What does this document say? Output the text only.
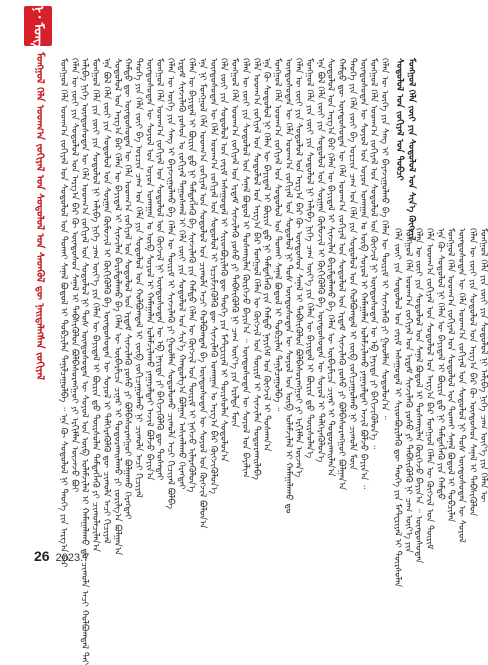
ᠨ᠂ ᠮᠣᠩ
ᠮᠣᠩᠭᠣᠯ ᠬᠡᠯᠡ ᠤᠳᠬ᠎ᠠ ᠵᠣᠬᠢᠶᠠᠯ ᠤᠨ ᠰᠤᠳᠤᠯᠤᠯ ᠤᠨ ᠰᠡᠳᠬᠦᠯ ᠳᠦ ᠨᠡᠢᠲᠡᠯᠡᠭᠰᠡᠨ ᠵᠣᠬᠢᠶᠠᠯ ᠮᠣᠩᠭᠣᠯ ᠬᠡᠯᠡ ᠤᠳᠬ᠎ᠠ ᠵᠣᠬᠢᠶᠠᠯ ᠤᠨ ᠰᠤᠳᠤᠯᠤᠯ ᠤᠨ ᠲᠤᠬᠠᠢ ᠰᠠᠨᠠᠯ ᠪᠣᠳᠤᠯ ᠢ ᠲᠣᠪᠴᠢᠯᠠᠨ ᠲᠠᠨᠢᠯᠴᠠᠭᠤᠯᠪᠠ ᠃ ᠡᠨᠡ ᠬᠦ ᠰᠤᠳᠤᠯᠤᠯ ᠨᠢ ᠲᠡᠦᠬᠡ ᠶᠢᠨ ᠠᠷᠭ᠎ᠠ ᠪᠠᠷ ᠬᠡᠯᠡᠨ ᠦ ᠵᠦᠢ ᠶᠢᠨ ᠰᠤᠳᠤᠯᠤᠯ ᠤᠨ ᠠᠷᠭ᠎ᠠ ᠪᠠᠷ ᠬᠦ ᠦᠨᠳᠦᠰᠦᠨ ᠰᠠᠨᠠᠯ ᠢ ᠳᠡᠪᠰᠢᠭᠦᠯᠦᠨ ᠪᠣᠯᠪᠠᠰᠤᠷᠠᠩᠭᠤᠢ ᠶᠢ ᠡᠷᠬᠢᠮᠯᠡᠨ ᠦᠵᠡᠵᠦ ᠪᠣᠢ ᠠᠯᠢᠪᠠ ᠨᠢᠭᠡ ᠦᠨᠳᠦᠰᠦᠲᠡᠨ ᠦ ᠬᠡᠯᠡ ᠤᠳᠬ᠎ᠠ ᠵᠣᠬᠢᠶᠠᠯ ᠤᠨ ᠰᠤᠳᠤᠯᠤᠯ ᠨᠢ ᠲᠤᠰ ᠦᠨᠳᠦᠰᠦᠲᠡᠨ ᠦ ᠰᠣᠶᠣᠯ ᠤᠨ ᠥᠪ ᠤᠯᠠᠮᠵᠢᠯᠠᠯ ᠢ ᠬᠠᠮᠠᠭᠠᠯᠠᠬᠤ ᠳᠤ ᠴᠢᠬᠤᠯᠠ ᠠᠴᠢ ᠬᠣᠯᠪᠣᠭᠳᠠᠯ ᠲᠠᠢ ᠮᠣᠩᠭᠣᠯ ᠬᠡᠯᠡ ᠶᠢᠨ ᠵᠦᠢ ᠶᠢᠨ ᠰᠤᠳᠤᠯᠤᠯ ᠨᠢ ᠠᠯᠢᠪᠠ ᠨᠢᠭᠡ ᠴᠠᠭ ᠦᠶ᠎ᠡ ᠶᠢᠨ ᠬᠡᠯᠡᠨ ᠦ ᠪᠠᠶᠢᠳᠠᠯ ᠢ ᠪᠦᠷᠢᠨ ᠳ᠋ᠦ ᠳᠦᠷᠰᠦᠯᠡᠨ ᠲᠡᠮᠳᠡᠭᠯᠡᠬᠦ ᠶᠢ ᠴᠢᠬᠤᠯᠠᠴᠢᠯᠠᠨ᠎ᠠ ᠡᠨᠡ ᠪᠣᠯ ᠬᠡᠯᠡ ᠵᠦᠢ ᠶᠢᠨ ᠰᠤᠳᠤᠯᠤᠯ ᠤᠨ ᠰᠤᠷᠭᠠᠨ ᠬᠥᠮᠦᠵᠢᠯ ᠢ ᠬᠥᠬᠢᠭᠦᠯᠬᠦ ᠪᠠ ᠦᠨᠳᠦᠰᠦᠲᠡᠨ ᠦ ᠰᠣᠶᠣᠯ ᠢ ᠳᠡᠯᠭᠡᠷᠡᠭᠦᠯᠬᠦ ᠳᠦ ᠴᠢᠬᠤᠯᠠ ᠠᠴᠢ ᠬᠢᠴᠢᠶᠡᠯ ᠰᠤᠳᠤᠯᠤᠯ ᠤᠨ ᠠᠷᠭ᠎ᠠ ᠪᠠᠷ ᠬᠡᠯᠡᠨ ᠦ ᠪᠠᠶᠢᠳᠠᠯ ᠢ ᠰᠢᠨᠵᠢᠯᠡᠨ ᠪᠠᠷᠢᠮᠲᠠᠯᠠᠬᠤ ᠪᠠ ᠬᠡᠯᠡᠨ ᠦ ᠥᠪᠡᠷᠮᠢᠴᠡ ᠴᠢᠨᠠᠷ ᠢ ᠲᠣᠳᠣᠷᠬᠠᠢᠯᠠᠬᠤ ᠶᠢ ᠵᠣᠷᠢᠯᠭ᠎ᠠ ᠪᠣᠯᠭᠠᠨ᠎ᠠ ᠬᠠᠮᠲᠤ ᠳᠦ ᠦᠨᠳᠦᠰᠦᠲᠡᠨ ᠦ ᠬᠡᠯᠡ ᠤᠳᠬ᠎ᠠ ᠵᠣᠬᠢᠶᠠᠯ ᠤᠨ ᠰᠤᠳᠤᠯᠤᠯ ᠤᠨ ᠡᠷᠳᠡᠮ ᠰᠢᠨᠵᠢᠯᠡᠬᠦ ᠶᠤᠰᠤ ᠶᠢ ᠪᠣᠯᠪᠠᠰᠤᠷᠠᠩᠭᠤᠢ ᠪᠣᠯᠭᠠᠬᠤ ᠬᠡᠷᠡᠭᠲᠡᠢ ᠲᠡᠦᠬᠡ ᠶᠢᠨ ᠬᠡᠯᠡ ᠵᠦᠢ ᠪᠠ ᠣᠷᠴᠢᠨ ᠴᠠᠭ ᠤᠨ ᠬᠡᠯᠡ ᠶᠢᠨ ᠰᠤᠳᠤᠯᠤᠯ ᠤᠨ ᠬᠣᠯᠪᠣᠭᠳᠠᠯ ᠢ ᠵᠥᠪ ᠵᠣᠬᠢᠴᠠᠭᠤᠯᠬᠤ ᠨᠢ ᠴᠢᠬᠤᠯᠠ ᠠᠴᠢ ᠬᠢᠴᠢᠶᠡᠯ ᠦᠨᠳᠦᠰᠦᠲᠡᠨ ᠦ ᠰᠣᠶᠣᠯ ᠤᠨ ᠣᠶᠤᠨ ᠤᠬᠠᠭᠠᠨ ᠤ ᠥᠪ ᠰᠣᠶᠣᠯ ᠢ ᠬᠠᠮᠠᠭᠠᠯᠠᠨ ᠤᠯᠠᠮᠵᠢᠯᠠᠬᠤ ᠶᠠᠭᠠᠷᠠᠯᠲᠠᠢ ᠠᠵᠢᠯ ᠪᠣᠯᠵᠤ ᠪᠠᠶᠢᠨ᠎ᠠ ᠮᠣᠩᠭᠣᠯ ᠬᠡᠯᠡ ᠤᠳᠬ᠎ᠠ ᠵᠣᠬᠢᠶᠠᠯ ᠤᠨ ᠰᠤᠳᠤᠯᠤᠯ ᠤᠨ ᠬᠥᠭᠵᠢᠯ ᠨᠢ ᠦᠨᠳᠦᠰᠦᠲᠡᠨ ᠦ ᠡᠪ ᠨᠡᠶᠢᠲᠡ ᠶᠢ ᠪᠡᠬᠢᠵᠢᠭᠦᠯᠬᠦ ᠳᠦ ᠲᠤᠰᠠᠲᠠᠢ ᠬᠡᠯᠡᠨ ᠦ ᠦᠭᠡ ᠶᠢᠨ ᠰᠠᠩ ᠢ ᠪᠠᠶᠠᠵᠢᠭᠤᠯᠬᠤ ᠪᠠ ᠬᠡᠯᠡᠨ ᠦ ᠳᠦᠷᠢᠮ ᠢ ᠰᠢᠨᠵᠢᠯᠡᠬᠦ ᠶᠢ ᠭᠣᠣᠯᠯᠠᠨ ᠰᠤᠳᠤᠯᠤᠬᠤ ᠴᠢᠬᠤᠯᠠ ᠠᠴᠢ ᠬᠢᠴᠢᠶᠡᠯ ᠪᠣᠯᠪᠠ ᠡᠷᠳᠡᠮ ᠰᠢᠨᠵᠢᠯᠡᠬᠦ ᠶᠤᠰᠤᠨ ᠤ ᠵᠣᠬᠢᠶᠠᠯ ᠳᠠᠭᠤᠰᠬᠠᠯ ᠢ ᠬᠡᠯᠡ ᠵᠦᠢ ᠶᠢᠨ ᠰᠤᠳᠤᠯᠤᠯ ᠤᠨ ᠰᠢᠨ᠎ᠡ ᠬᠠᠨᠳᠤᠯᠭ᠎ᠠ ᠪᠣᠯᠭᠠᠨ ᠠᠰᠢᠭᠯᠠᠬᠤ ᠬᠡᠷᠡᠭᠲᠡᠢ ᠬᠡᠯᠡᠨ ᠦ ᠪᠠᠶᠢᠳᠠᠯ ᠢ ᠪᠦᠷᠢᠨ ᠳ᠋ᠦ ᠨᠢ ᠲᠡᠮᠳᠡᠭᠯᠡᠬᠦ ᠪᠠ ᠰᠢᠨᠵᠢᠯᠡᠬᠦ ᠶᠢᠨ ᠬᠠᠮᠲᠤ ᠬᠡᠯᠡᠨ ᠦ ᠬᠥᠭᠵᠢᠯ ᠤᠨ ᠳᠦᠷᠢᠮ ᠢ ᠨᠡᠬᠡᠵᠦ ᠢᠯᠡᠷᠡᠭᠦᠯᠦᠨ᠎ᠡ ᠡᠨᠡ ᠨᠢ ᠮᠣᠩᠭᠣᠯ ᠬᠡᠯᠡ ᠤᠳᠬ᠎ᠠ ᠵᠣᠬᠢᠶᠠᠯ ᠤᠨ ᠰᠤᠳᠤᠯᠤᠯ ᠤᠨ ᠴᠢᠬᠤᠯᠠ ᠠᠴᠢ ᠬᠣᠯᠪᠣᠭᠳᠠᠯ ᠪᠠ ᠦᠨᠳᠦᠰᠦᠲᠡᠨ ᠦ ᠰᠣᠶᠣᠯ ᠤᠨ ᠬᠥᠭᠵᠢᠯ ᠪᠣᠯᠤᠨ᠎ᠠ ᠦᠨᠳᠦᠰᠦᠲᠡᠨ ᠦ ᠬᠡᠯᠡ ᠤᠳᠬ᠎ᠠ ᠵᠣᠬᠢᠶᠠᠯ ᠤᠨ ᠰᠤᠳᠤᠯᠤᠯ ᠢ ᠡᠷᠴᠢᠮᠵᠢᠭᠦᠯᠬᠦ ᠳᠦ ᠰᠢᠨᠵᠢᠯᠡᠬᠦ ᠤᠬᠠᠭᠠᠨ ᠤ ᠠᠷᠭ᠎ᠠ ᠪᠠᠷ ᠬᠥᠭᠵᠢᠭᠦᠯᠦᠨ᠎ᠡ ᠬᠡᠯᠡ ᠵᠦᠢ ᠶᠢᠨ ᠰᠤᠳᠤᠯᠤᠯ ᠤᠨ ᠵᠠᠷᠢᠮ ᠠᠰᠠᠭᠤᠳᠠᠯ ᠢ ᠰᠢᠢᠳᠪᠦᠷᠢᠯᠡᠬᠦ ᠳᠦ ᠲᠡᠦᠬᠡ ᠶᠢᠨ ᠮᠠᠲ᠋ᠧᠷᠢᠶᠠᠯ ᠢ ᠳᠦᠷᠰᠦᠯᠡᠨ ᠰᠤᠳᠤᠯᠤᠨ᠎ᠠ ᠮᠣᠩᠭᠣᠯ ᠬᠡᠯᠡ ᠤᠳᠬ᠎ᠠ ᠵᠣᠬᠢᠶᠠᠯ ᠤᠨ ᠡᠷᠳᠡᠮ ᠰᠢᠨᠵᠢᠯᠡᠬᠦ ᠶᠤᠰᠤ ᠶᠢ ᠳᠡᠪᠰᠢᠭᠦᠯᠬᠦ ᠨᠢ ᠴᠠᠭ ᠦᠶ᠎ᠡ ᠶᠢᠨ ᠡᠷᠢᠯᠲᠡ ᠮᠥᠨ ᠬᠡᠯᠡᠨ ᠦ ᠵᠦᠢ ᠶᠢᠨ ᠰᠤᠳᠤᠯᠤᠯ ᠤᠨ ᠰᠠᠨᠠᠯ ᠪᠣᠳᠤᠯ ᠢ ᠲᠤᠰᠬᠠᠢᠯᠠᠨ ᠬᠦᠷᠭᠡᠵᠦ ᠪᠠᠶᠢᠨ᠎ᠠ ᠃ ᠦᠨᠳᠦᠰᠦᠲᠡᠨ ᠦ ᠰᠣᠶᠣᠯ ᠤᠨ ᠪᠠᠶᠠᠯᠢᠭ ᠬᠡᠯᠡ ᠤᠳᠬ᠎ᠠ ᠵᠣᠬᠢᠶᠠᠯ ᠤᠨ ᠰᠤᠳᠤᠯᠤᠯ ᠤᠨ ᠠᠷᠭ᠎ᠠ ᠪᠠᠷ ᠮᠣᠩᠭᠣᠯ ᠬᠡᠯᠡᠨ ᠦ ᠬᠥᠭᠵᠢᠯ ᠤᠨ ᠳᠦᠷᠢᠮ ᠢ ᠰᠢᠨᠵᠢᠯᠡᠨ ᠲᠣᠳᠣᠷᠬᠠᠢᠯᠠᠪᠠ ᠡᠨᠡ ᠬᠦ ᠰᠤᠳᠤᠯᠤᠯ ᠨᠢ ᠬᠡᠯᠡᠨ ᠦ ᠪᠠᠶᠢᠳᠠᠯ ᠢ ᠪᠦᠷᠢᠨ ᠳ᠋ᠦ ᠨᠢ ᠲᠡᠮᠳᠡᠭᠯᠡᠬᠦ ᠶᠢᠨ ᠬᠠᠮᠲᠤ ᠨᠡᠶᠢᠭᠡᠮ ᠤᠨ ᠬᠥᠭᠵᠢᠯ ᠢ ᠲᠤᠰᠬᠠᠨ᠎ᠠ ᠮᠣᠩᠭᠣᠯ ᠬᠡᠯᠡ ᠤᠳᠬ᠎ᠠ ᠵᠣᠬᠢᠶᠠᠯ ᠤᠨ ᠰᠤᠳᠤᠯᠤᠯ ᠤᠨ ᠲᠤᠬᠠᠢ ᠰᠠᠨᠠᠯ ᠪᠣᠳᠤᠯ ᠢ ᠲᠣᠪᠴᠢᠯᠠᠨ ᠲᠠᠨᠢᠯᠴᠠᠭᠤᠯᠪᠠ ᠃ ᠦᠨᠳᠦᠰᠦᠲᠡᠨ ᠦ ᠬᠡᠯᠡ ᠤᠳᠬ᠎ᠠ ᠵᠣᠬᠢᠶᠠᠯ ᠤᠨ ᠰᠤᠳᠤᠯᠤᠯ ᠨᠢ ᠲᠤᠰ ᠦᠨᠳᠦᠰᠦᠲᠡᠨ ᠦ ᠰᠣᠶᠣᠯ ᠤᠨ ᠥᠪ ᠤᠯᠠᠮᠵᠢᠯᠠᠯ ᠢ ᠬᠠᠮᠠᠭᠠᠯᠠᠬᠤ ᠳᠤ ᠬᠡᠯᠡᠨ ᠦ ᠵᠦᠢ ᠶᠢᠨ ᠰᠤᠳᠤᠯᠤᠯ ᠤᠨ ᠠᠷᠭ᠎ᠠ ᠪᠠᠷ ᠬᠦ ᠦᠨᠳᠦᠰᠦᠨ ᠰᠠᠨᠠᠯ ᠢ ᠳᠡᠪᠰᠢᠭᠦᠯᠦᠨ ᠪᠣᠯᠪᠠᠰᠤᠷᠠᠩᠭᠤᠢ ᠶᠢ ᠡᠷᠬᠢᠮᠯᠡᠨ ᠦᠵᠡᠨ᠎ᠡ ᠮᠣᠩᠭᠣᠯ ᠬᠡᠯᠡ ᠶᠢᠨ ᠵᠦᠢ ᠶᠢᠨ ᠰᠤᠳᠤᠯᠤᠯ ᠨᠢ ᠠᠯᠢᠪᠠ ᠨᠢᠭᠡ ᠴᠠᠭ ᠦᠶ᠎ᠡ ᠶᠢᠨ ᠬᠡᠯᠡᠨ ᠦ ᠪᠠᠶᠢᠳᠠᠯ ᠢ ᠪᠦᠷᠢᠨ ᠳ᠋ᠦ ᠳᠦᠷᠰᠦᠯᠡᠨ᠎ᠡ ᠡᠨᠡ ᠪᠣᠯ ᠬᠡᠯᠡ ᠵᠦᠢ ᠶᠢᠨ ᠰᠤᠳᠤᠯᠤᠯ ᠤᠨ ᠰᠤᠷᠭᠠᠨ ᠬᠥᠮᠦᠵᠢᠯ ᠢ ᠬᠥᠬᠢᠭᠦᠯᠬᠦ ᠪᠠ ᠦᠨᠳᠦᠰᠦᠲᠡᠨ ᠦ ᠰᠣᠶᠣᠯ ᠢ ᠳᠡᠯᠭᠡᠷᠡᠭᠦᠯᠦᠨ᠎ᠡ ᠰᠤᠳᠤᠯᠤᠯ ᠤᠨ ᠠᠷᠭ᠎ᠠ ᠪᠠᠷ ᠬᠡᠯᠡᠨ ᠦ ᠪᠠᠶᠢᠳᠠᠯ ᠢ ᠰᠢᠨᠵᠢᠯᠡᠨ ᠪᠠᠷᠢᠮᠲᠠᠯᠠᠬᠤ ᠪᠠ ᠬᠡᠯᠡᠨ ᠦ ᠥᠪᠡᠷᠮᠢᠴᠡ ᠴᠢᠨᠠᠷ ᠢ ᠲᠣᠳᠣᠷᠬᠠᠢᠯᠠᠨ᠎ᠠ ᠬᠠᠮᠲᠤ ᠳᠦ ᠦᠨᠳᠦᠰᠦᠲᠡᠨ ᠦ ᠬᠡᠯᠡ ᠤᠳᠬ᠎ᠠ ᠵᠣᠬᠢᠶᠠᠯ ᠤᠨ ᠰᠤᠳᠤᠯᠤᠯ ᠤᠨ ᠡᠷᠳᠡᠮ ᠰᠢᠨᠵᠢᠯᠡᠬᠦ ᠶᠤᠰᠤ ᠶᠢ ᠪᠣᠯᠪᠠᠰᠤᠷᠠᠩᠭᠤᠢ ᠪᠣᠯᠭᠠᠨ᠎ᠠ ᠲᠡᠦᠬᠡ ᠶᠢᠨ ᠬᠡᠯᠡ ᠵᠦᠢ ᠪᠠ ᠣᠷᠴᠢᠨ ᠴᠠᠭ ᠤᠨ ᠬᠡᠯᠡ ᠶᠢᠨ ᠰᠤᠳᠤᠯᠤᠯ ᠤᠨ ᠬᠣᠯᠪᠣᠭᠳᠠᠯ ᠢ ᠵᠥᠪ ᠵᠣᠬᠢᠴᠠᠭᠤᠯᠬᠤ ᠨᠢ ᠴᠢᠬᠤᠯᠠ ᠮᠥᠨ ᠦᠨᠳᠦᠰᠦᠲᠡᠨ ᠦ ᠰᠣᠶᠣᠯ ᠤᠨ ᠣᠶᠤᠨ ᠤᠬᠠᠭᠠᠨ ᠤ ᠥᠪ ᠰᠣᠶᠣᠯ ᠢ ᠬᠠᠮᠠᠭᠠᠯᠠᠨ ᠤᠯᠠᠮᠵᠢᠯᠠᠬᠤ ᠶᠠᠭᠠᠷᠠᠯᠲᠠᠢ ᠠᠵᠢᠯ ᠪᠣᠯᠵᠤ ᠪᠠᠶᠢᠨ᠎ᠠ ᠃ ᠮᠣᠩᠭᠣᠯ ᠬᠡᠯᠡ ᠤᠳᠬ᠎ᠠ ᠵᠣᠬᠢᠶᠠᠯ ᠤᠨ ᠰᠤᠳᠤᠯᠤᠯ ᠤᠨ ᠬᠥᠭᠵᠢᠯ ᠨᠢ ᠦᠨᠳᠦᠰᠦᠲᠡᠨ ᠦ ᠡᠪ ᠨᠡᠶᠢᠲᠡ ᠶᠢ ᠪᠡᠬᠢᠵᠢᠭᠦᠯᠦᠨ᠎ᠡ ᠃ ᠬᠡᠯᠡᠨ ᠦ ᠦᠭᠡ ᠶᠢᠨ ᠰᠠᠩ ᠢ ᠪᠠᠶᠠᠵᠢᠭᠤᠯᠬᠤ ᠪᠠ ᠬᠡᠯᠡᠨ ᠦ ᠳᠦᠷᠢᠮ ᠢ ᠰᠢᠨᠵᠢᠯᠡᠬᠦ ᠶᠢ ᠭᠣᠣᠯᠯᠠᠨ ᠰᠤᠳᠤᠯᠤᠨ᠎ᠠ ᠃ ᠰᠤᠳᠤᠯᠤᠯ ᠤᠨ ᠵᠣᠬᠢᠶᠠᠯ ᠤᠨ ᠲᠣᠪᠴᠢ ᠮᠣᠩᠭᠣᠯ ᠬᠡᠯᠡ ᠵᠦᠢ ᠶᠢᠨ ᠰᠤᠳᠤᠯᠤᠯ ᠤᠨ ᠰᠢᠨ᠎ᠡ ᠬᠥᠭᠵᠢᠯ
ᠬᠡᠯᠡ ᠵᠦᠢ ᠶᠢᠨ ᠰᠤᠳᠤᠯᠤᠯ ᠤᠨ ᠵᠠᠷᠢᠮ ᠠᠰᠠᠭᠤᠳᠠᠯ ᠢ ᠰᠢᠢᠳᠪᠦᠷᠢᠯᠡᠬᠦ ᠳᠦ ᠲᠡᠦᠬᠡ ᠶᠢᠨ ᠮᠠᠲ᠋ᠧᠷᠢᠶᠠᠯ ᠢ ᠳᠦᠷᠰᠦᠯᠡᠨ ᠮᠣᠩᠭᠣᠯ ᠬᠡᠯᠡ ᠤᠳᠬ᠎ᠠ ᠵᠣᠬᠢᠶᠠᠯ ᠤᠨ ᠡᠷᠳᠡᠮ ᠰᠢᠨᠵᠢᠯᠡᠬᠦ ᠶᠤᠰᠤ ᠶᠢ ᠳᠡᠪᠰᠢᠭᠦᠯᠬᠦ ᠨᠢ ᠴᠠᠭ ᠦᠶ᠎ᠡ ᠶᠢᠨ ᠬᠡᠯᠡᠨ ᠦ ᠵᠦᠢ ᠶᠢᠨ ᠰᠤᠳᠤᠯᠤᠯ ᠤᠨ ᠰᠠᠨᠠᠯ ᠪᠣᠳᠤᠯ ᠢ ᠲᠤᠰᠬᠠᠢᠯᠠᠨ ᠬᠦᠷᠭᠡᠵᠦ ᠪᠠᠶᠢᠨ᠎ᠠ ᠃ ᠦᠨᠳᠦᠰᠦᠲᠡᠨ ᠬᠡᠯᠡ ᠤᠳᠬ᠎ᠠ ᠵᠣᠬᠢᠶᠠᠯ ᠤᠨ ᠰᠤᠳᠤᠯᠤᠯ ᠤᠨ ᠠᠷᠭ᠎ᠠ ᠪᠠᠷ ᠮᠣᠩᠭᠣᠯ ᠬᠡᠯᠡᠨ ᠦ ᠬᠥᠭᠵᠢᠯ ᠤᠨ ᠳᠦᠷᠢᠮ ᠡᠨᠡ ᠬᠦ ᠰᠤᠳᠤᠯᠤᠯ ᠨᠢ ᠬᠡᠯᠡᠨ ᠦ ᠪᠠᠶᠢᠳᠠᠯ ᠢ ᠪᠦᠷᠢᠨ ᠳ᠋ᠦ ᠨᠢ ᠲᠡᠮᠳᠡᠭᠯᠡᠬᠦ ᠶᠢᠨ ᠬᠠᠮᠲᠤ ᠮᠣᠩᠭᠣᠯ ᠬᠡᠯᠡ ᠤᠳᠬ᠎ᠠ ᠵᠣᠬᠢᠶᠠᠯ ᠤᠨ ᠰᠤᠳᠤᠯᠤᠯ ᠤᠨ ᠲᠤᠬᠠᠢ ᠰᠠᠨᠠᠯ ᠪᠣᠳᠤᠯ ᠢ ᠲᠣᠪᠴᠢᠯᠠᠨ ᠦᠨᠳᠦᠰᠦᠲᠡᠨ ᠦ ᠬᠡᠯᠡ ᠤᠳᠬ᠎ᠠ ᠵᠣᠬᠢᠶᠠᠯ ᠤᠨ ᠰᠤᠳᠤᠯᠤᠯ ᠨᠢ ᠲᠤᠰ ᠦᠨᠳᠦᠰᠦᠲᠡᠨ ᠦ ᠰᠣᠶᠣᠯ ᠬᠡᠯᠡᠨ ᠦ ᠵᠦᠢ ᠶᠢᠨ ᠰᠤᠳᠤᠯᠤᠯ ᠤᠨ ᠠᠷᠭ᠎ᠠ ᠪᠠᠷ ᠬᠦ ᠦᠨᠳᠦᠰᠦᠨ ᠰᠠᠨᠠᠯ ᠢ ᠳᠡᠪᠰᠢᠭᠦᠯᠦᠨ ᠮᠣᠩᠭᠣᠯ ᠬᠡᠯᠡ ᠶᠢᠨ ᠵᠦᠢ ᠶᠢᠨ ᠰᠤᠳᠤᠯᠤᠯ ᠨᠢ ᠠᠯᠢᠪᠠ ᠨᠢᠭᠡ ᠴᠠᠭ ᠦᠶ᠎ᠡ ᠶᠢᠨ ᠬᠡᠯᠡᠨ ᠦ
26 2023.7
